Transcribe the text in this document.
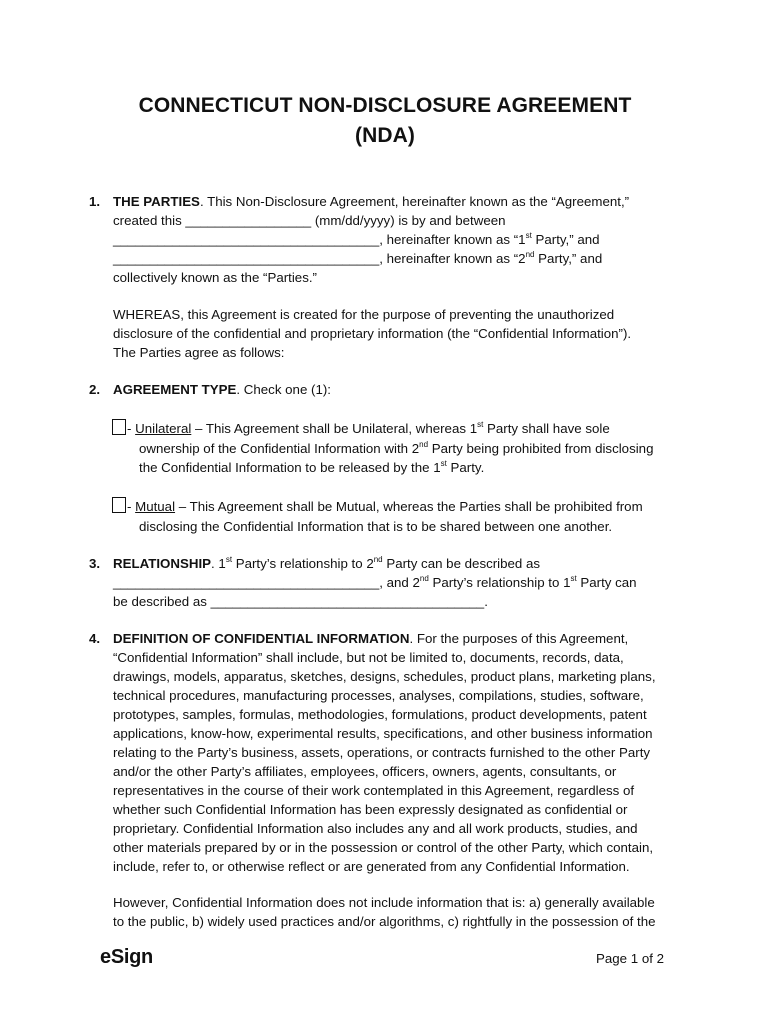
CONNECTICUT NON-DISCLOSURE AGREEMENT
(NDA)
1. THE PARTIES. This Non-Disclosure Agreement, hereinafter known as the “Agreement,”

created this _________________ (mm/dd/yyyy) is by and between

____________________________________, hereinafter known as “1st Party,” and

____________________________________, hereinafter known as “2nd Party,” and

collectively known as the “Parties.”

WHEREAS, this Agreement is created for the purpose of preventing the unauthorized

disclosure of the confidential and proprietary information (the “Confidential Information”).

The Parties agree as follows:

2. AGREEMENT TYPE. Check one (1):

- Unilateral – This Agreement shall be Unilateral, whereas 1st Party shall have sole
ownership of the Confidential Information with 2nd Party being prohibited from disclosing
the Confidential Information to be released by the 1st Party.
- Mutual – This Agreement shall be Mutual, whereas the Parties shall be prohibited from
disclosing the Confidential Information that is to be shared between one another.
3. RELATIONSHIP. 1st Party’s relationship to 2nd Party can be described as

____________________________________, and 2nd Party’s relationship to 1st Party can

be described as _____________________________________.

4. DEFINITION OF CONFIDENTIAL INFORMATION. For the purposes of this Agreement,

“Confidential Information” shall include, but not be limited to, documents, records, data,

drawings, models, apparatus, sketches, designs, schedules, product plans, marketing plans,

technical procedures, manufacturing processes, analyses, compilations, studies, software,

prototypes, samples, formulas, methodologies, formulations, product developments, patent

applications, know-how, experimental results, specifications, and other business information

relating to the Party’s business, assets, operations, or contracts furnished to the other Party

and/or the other Party’s affiliates, employees, officers, owners, agents, consultants, or

representatives in the course of their work contemplated in this Agreement, regardless of

whether such Confidential Information has been expressly designated as confidential or

proprietary. Confidential Information also includes any and all work products, studies, and

other materials prepared by or in the possession or control of the other Party, which contain,

include, refer to, or otherwise reflect or are generated from any Confidential Information.

However, Confidential Information does not include information that is: a) generally available

to the public, b) widely used practices and/or algorithms, c) rightfully in the possession of the

eSign	Page 1 of 2
